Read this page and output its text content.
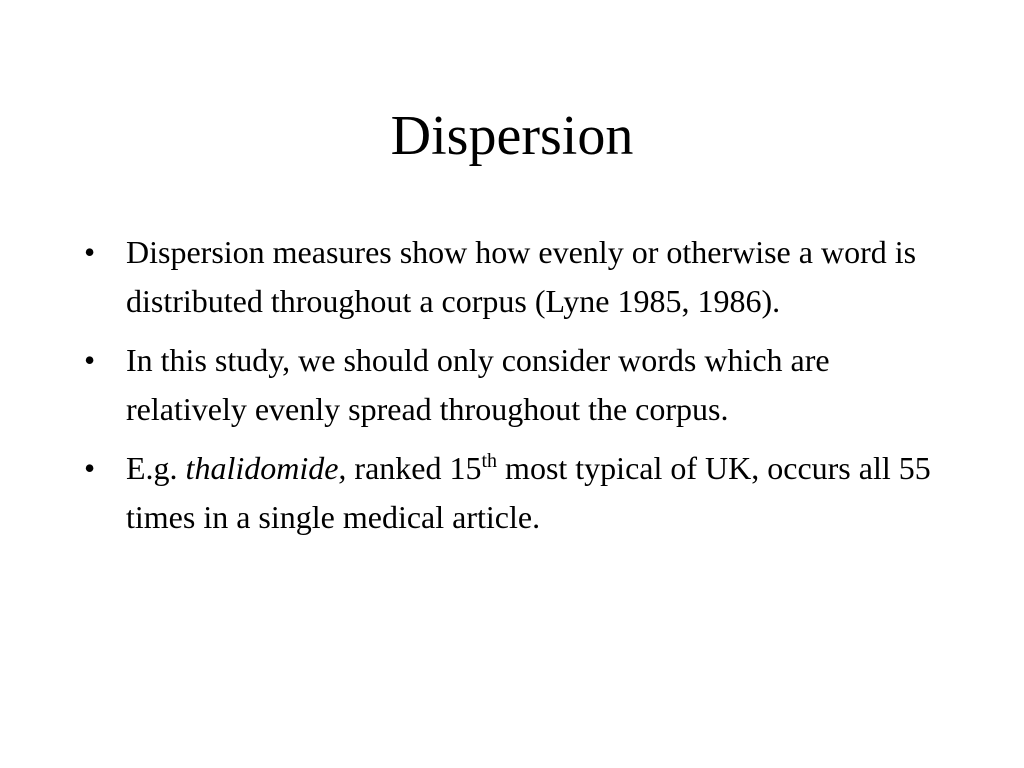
Dispersion
• Dispersion measures show how evenly or otherwise a word is distributed throughout a corpus (Lyne 1985, 1986).
• In this study, we should only consider words which are relatively evenly spread throughout the corpus.
• E.g. thalidomide, ranked 15th most typical of UK, occurs all 55 times in a single medical article.
